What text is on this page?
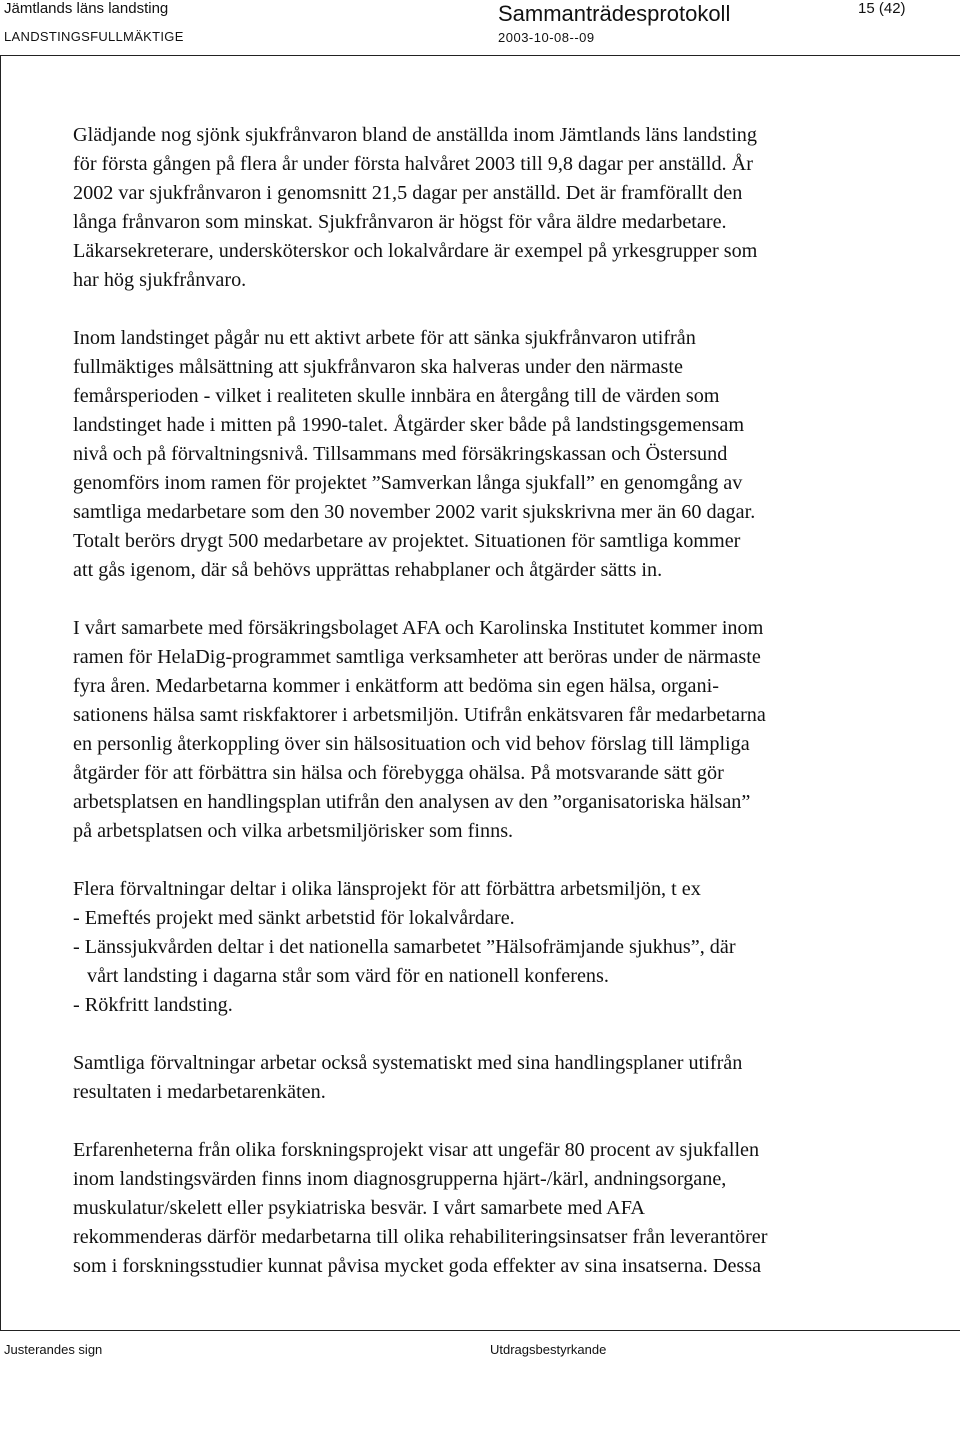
Jämtlands läns landsting
LANDSTINGSFULLMÄKTIGE
Sammanträdesprotokoll
2003-10-08--09
15 (42)
Glädjande nog sjönk sjukfrånvaron bland de anställda inom Jämtlands läns landsting
för första gången på flera år under första halvåret 2003 till 9,8 dagar per anställd. År
2002 var sjukfrånvaron i genomsnitt 21,5 dagar per anställd. Det är framförallt den
långa frånvaron som minskat. Sjukfrånvaron är högst för våra äldre medarbetare.
Läkarsekreterare, undersköterskor och lokalvårdare är exempel på yrkesgrupper som
har hög sjukfrånvaro.
Inom landstinget pågår nu ett aktivt arbete för att sänka sjukfrånvaron utifrån
fullmäktiges målsättning att sjukfrånvaron ska halveras under den närmaste
femårsperioden - vilket i realiteten skulle innbära en återgång till de värden som
landstinget hade i mitten på 1990-talet. Åtgärder sker både på landstingsgemensam
nivå och på förvaltningsnivå. Tillsammans med försäkringskassan och Östersund
genomförs inom ramen för projektet ”Samverkan långa sjukfall” en genomgång av
samtliga medarbetare som den 30 november 2002 varit sjukskrivna mer än 60 dagar.
Totalt berörs drygt 500 medarbetare av projektet. Situationen för samtliga kommer
att gås igenom, där så behövs upprättas rehabplaner och åtgärder sätts in.
I vårt samarbete med försäkringsbolaget AFA och Karolinska Institutet kommer inom
ramen för HelaDig-programmet samtliga verksamheter att beröras under de närmaste
fyra åren. Medarbetarna kommer i enkätform att bedöma sin egen hälsa, organi-
sationens hälsa samt riskfaktorer i arbetsmiljön. Utifrån enkätsvaren får medarbetarna
en personlig återkoppling över sin hälsosituation och vid behov förslag till lämpliga
åtgärder för att förbättra sin hälsa och förebygga ohälsa. På motsvarande sätt gör
arbetsplatsen en handlingsplan utifrån den analysen av den ”organisatoriska hälsan”
på arbetsplatsen och vilka arbetsmiljörisker som finns.
Flera förvaltningar deltar i olika länsprojekt för att förbättra arbetsmiljön, t ex
- Emeftés projekt med sänkt arbetstid för lokalvårdare.
- Länssjukvården deltar i det nationella samarbetet ”Hälsofrämjande sjukhus”, där
vårt landsting i dagarna står som värd för en nationell konferens.
- Rökfritt landsting.
Samtliga förvaltningar arbetar också systematiskt med sina handlingsplaner utifrån
resultaten i medarbetarenkäten.
Erfarenheterna från olika forskningsprojekt visar att ungefär 80 procent av sjukfallen
inom landstingsvärden finns inom diagnosgrupperna hjärt-/kärl, andningsorgane,
muskulatur/skelett eller psykiatriska besvär. I vårt samarbete med AFA
rekommenderas därför medarbetarna till olika rehabiliteringsinsatser från leverantörer
som i forskningsstudier kunnat påvisa mycket goda effekter av sina insatserna. Dessa
Justerandes sign	Utdragsbestyrkande
